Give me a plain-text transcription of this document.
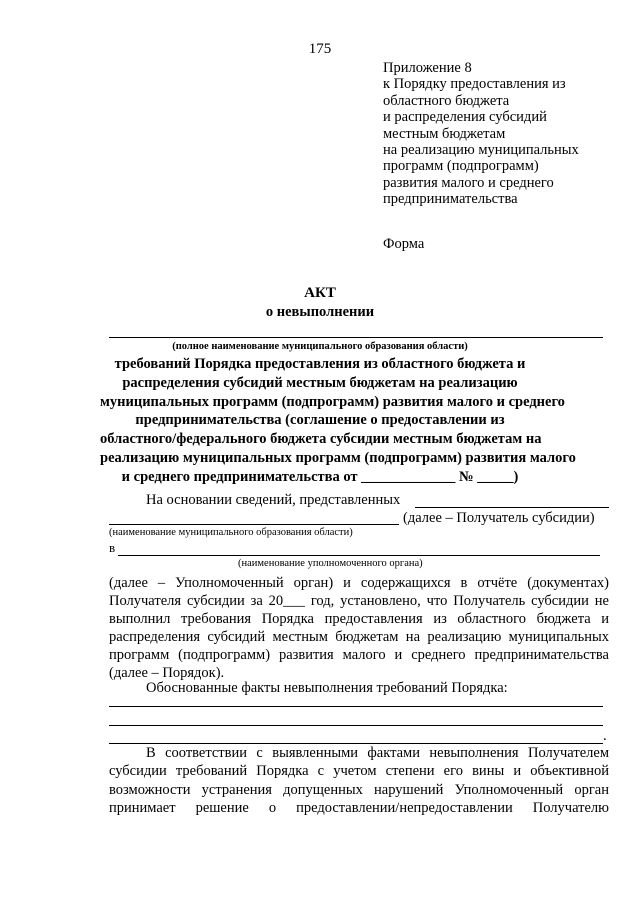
175
Приложение 8
к Порядку предоставления из
областного бюджета
и распределения субсидий
местным бюджетам
на реализацию муниципальных
программ (подпрограмм)
развития малого и среднего
предпринимательства
Форма
АКТ
о невыполнении
(полное наименование муниципального образования области)
требований Порядка предоставления из областного бюджета и
распределения субсидий местным бюджетам на реализацию
муниципальных программ (подпрограмм) развития малого и среднего
предпринимательства (соглашение о предоставлении из
областного/федерального бюджета субсидии местным бюджетам на
реализацию муниципальных программ (подпрограмм) развития малого
и среднего предпринимательства от _____________ № _____)
На основании сведений, представленных
(далее – Получатель субсидии)
(наименование муниципального образования области)
в
(наименование уполномоченного органа)
(далее – Уполномоченный орган) и содержащихся в отчёте (документах)
Получателя субсидии за 20___ год, установлено, что Получатель субсидии не
выполнил требования Порядка предоставления из областного бюджета и
распределения субсидий местным бюджетам на реализацию муниципальных
программ (подпрограмм) развития малого и среднего предпринимательства
(далее – Порядок).
Обоснованные факты невыполнения требований Порядка:
.
В соответствии с выявленными фактами невыполнения Получателем
субсидии требований Порядка с учетом степени его вины и объективной
возможности устранения допущенных нарушений Уполномоченный орган
принимает решение о предоставлении/непредоставлении Получателю
